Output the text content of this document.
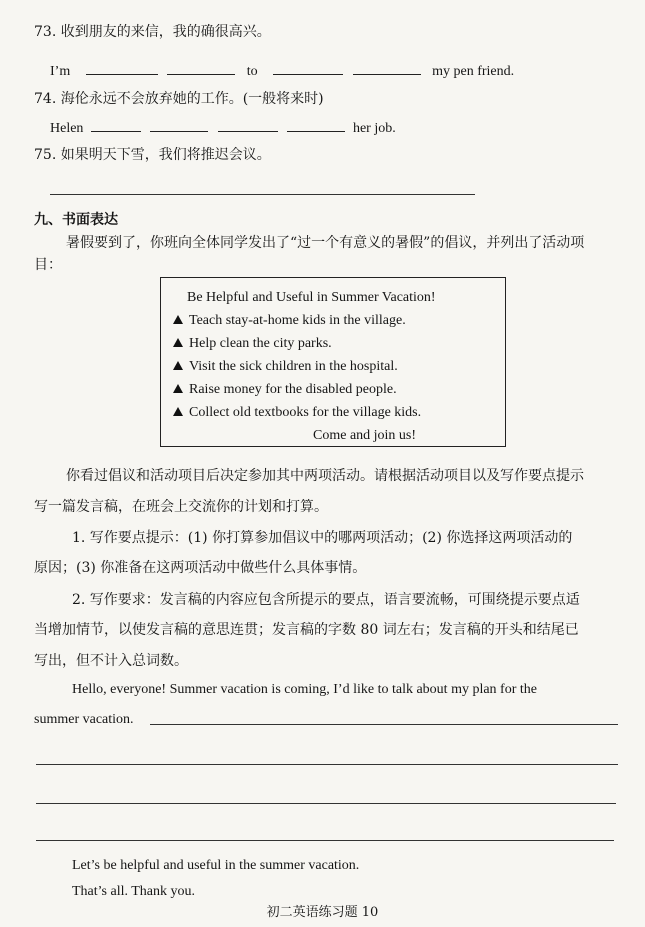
73. 收到朋友的来信，我的确很高兴。
I’m	to	my pen friend.
74. 海伦永远不会放弃她的工作。(一般将来时)
Helen	her job.
75. 如果明天下雪，我们将推迟会议。
九、书面表达
暑假要到了，你班向全体同学发出了“过一个有意义的暑假”的倡议，并列出了活动项
目：
Be Helpful and Useful in Summer Vacation!
Teach stay-at-home kids in the village.
Help clean the city parks.
Visit the sick children in the hospital.
Raise money for the disabled people.
Collect old textbooks for the village kids.
Come and join us!
你看过倡议和活动项目后决定参加其中两项活动。请根据活动项目以及写作要点提示
写一篇发言稿，在班会上交流你的计划和打算。
1. 写作要点提示：(1) 你打算参加倡议中的哪两项活动；(2) 你选择这两项活动的
原因；(3) 你准备在这两项活动中做些什么具体事情。
2. 写作要求：发言稿的内容应包含所提示的要点，语言要流畅，可围绕提示要点适
当增加情节，以使发言稿的意思连贯；发言稿的字数 80 词左右；发言稿的开头和结尾已
写出，但不计入总词数。
Hello, everyone! Summer vacation is coming, I’d like to talk about my plan for the
summer vacation.
Let’s be helpful and useful in the summer vacation.
That’s all. Thank you.
初二英语练习题 10
